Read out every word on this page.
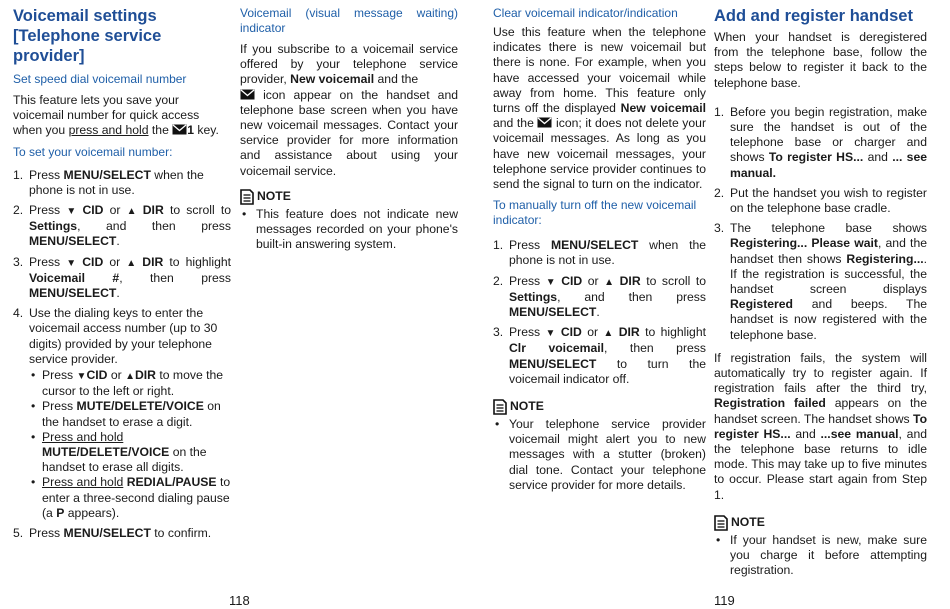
Voicemail settings
[Telephone service provider]
Set speed dial voicemail number

This feature lets you save your voicemail number for quick access when you press and hold the 1 key.

To set your voicemail number:
1. Press MENU/SELECT when the phone is not in use.
2. Press ▼ CID or ▲ DIR to scroll to Settings, and then press MENU/SELECT.
3. Press ▼ CID or ▲ DIR to highlight Voicemail #, then press MENU/SELECT.
4. Use the dialing keys to enter the voicemail access number (up to 30 digits) provided by your telephone service provider.
• Press ▼CID or ▲DIR to move the cursor to the left or right.
• Press MUTE/DELETE/VOICE on the handset to erase a digit.
• Press and hold
MUTE/DELETE/VOICE on the handset to erase all digits.
• Press and hold REDIAL/PAUSE to enter a three-second dialing pause (a P appears).
5. Press MENU/SELECT to confirm.
Voicemail (visual message waiting) indicator

If you subscribe to a voicemail service offered by your telephone service provider, New voicemail and the
icon appear on the handset and telephone base screen when you have new voicemail messages. Contact your service provider for more information and assistance about using your voicemail service.

NOTE
• This feature does not indicate new messages recorded on your phone's built-in answering system.
Clear voicemail indicator/indication

Use this feature when the telephone indicates there is new voicemail but there is none. For example, when you have accessed your voicemail while away from home. This feature only turns off the displayed New voicemail and the icon; it does not delete your voicemail messages. As long as you have new voicemail messages, your telephone service provider continues to send the signal to turn on the indicator.

To manually turn off the new voicemail indicator:
1. Press MENU/SELECT when the phone is not in use.
2. Press ▼ CID or ▲ DIR to scroll to Settings, and then press MENU/SELECT.
3. Press ▼ CID or ▲ DIR to highlight Clr voicemail, then press MENU/SELECT to turn the voicemail indicator off.
NOTE
• Your telephone service provider voicemail might alert you to new messages with a stutter (broken) dial tone. Contact your telephone service provider for more details.
Add and register handset

When your handset is deregistered from the telephone base, follow the steps below to register it back to the telephone base.

1. Before you begin registration, make sure the handset is out of the telephone base or charger and shows To register HS... and ... see manual.
2. Put the handset you wish to register on the telephone base cradle.
3. The telephone base shows Registering... Please wait, and the handset then shows Registering.... If the registration is successful, the handset screen displays Registered and beeps. The handset is now registered with the telephone base.

If registration fails, the system will automatically try to register again. If registration fails after the third try, Registration failed appears on the handset screen. The handset shows To register HS... and ...see manual, and the telephone base returns to idle mode. This may take up to five minutes to occur. Please start again from Step 1.

NOTE
• If your handset is new, make sure you charge it before attempting registration.
118	119
